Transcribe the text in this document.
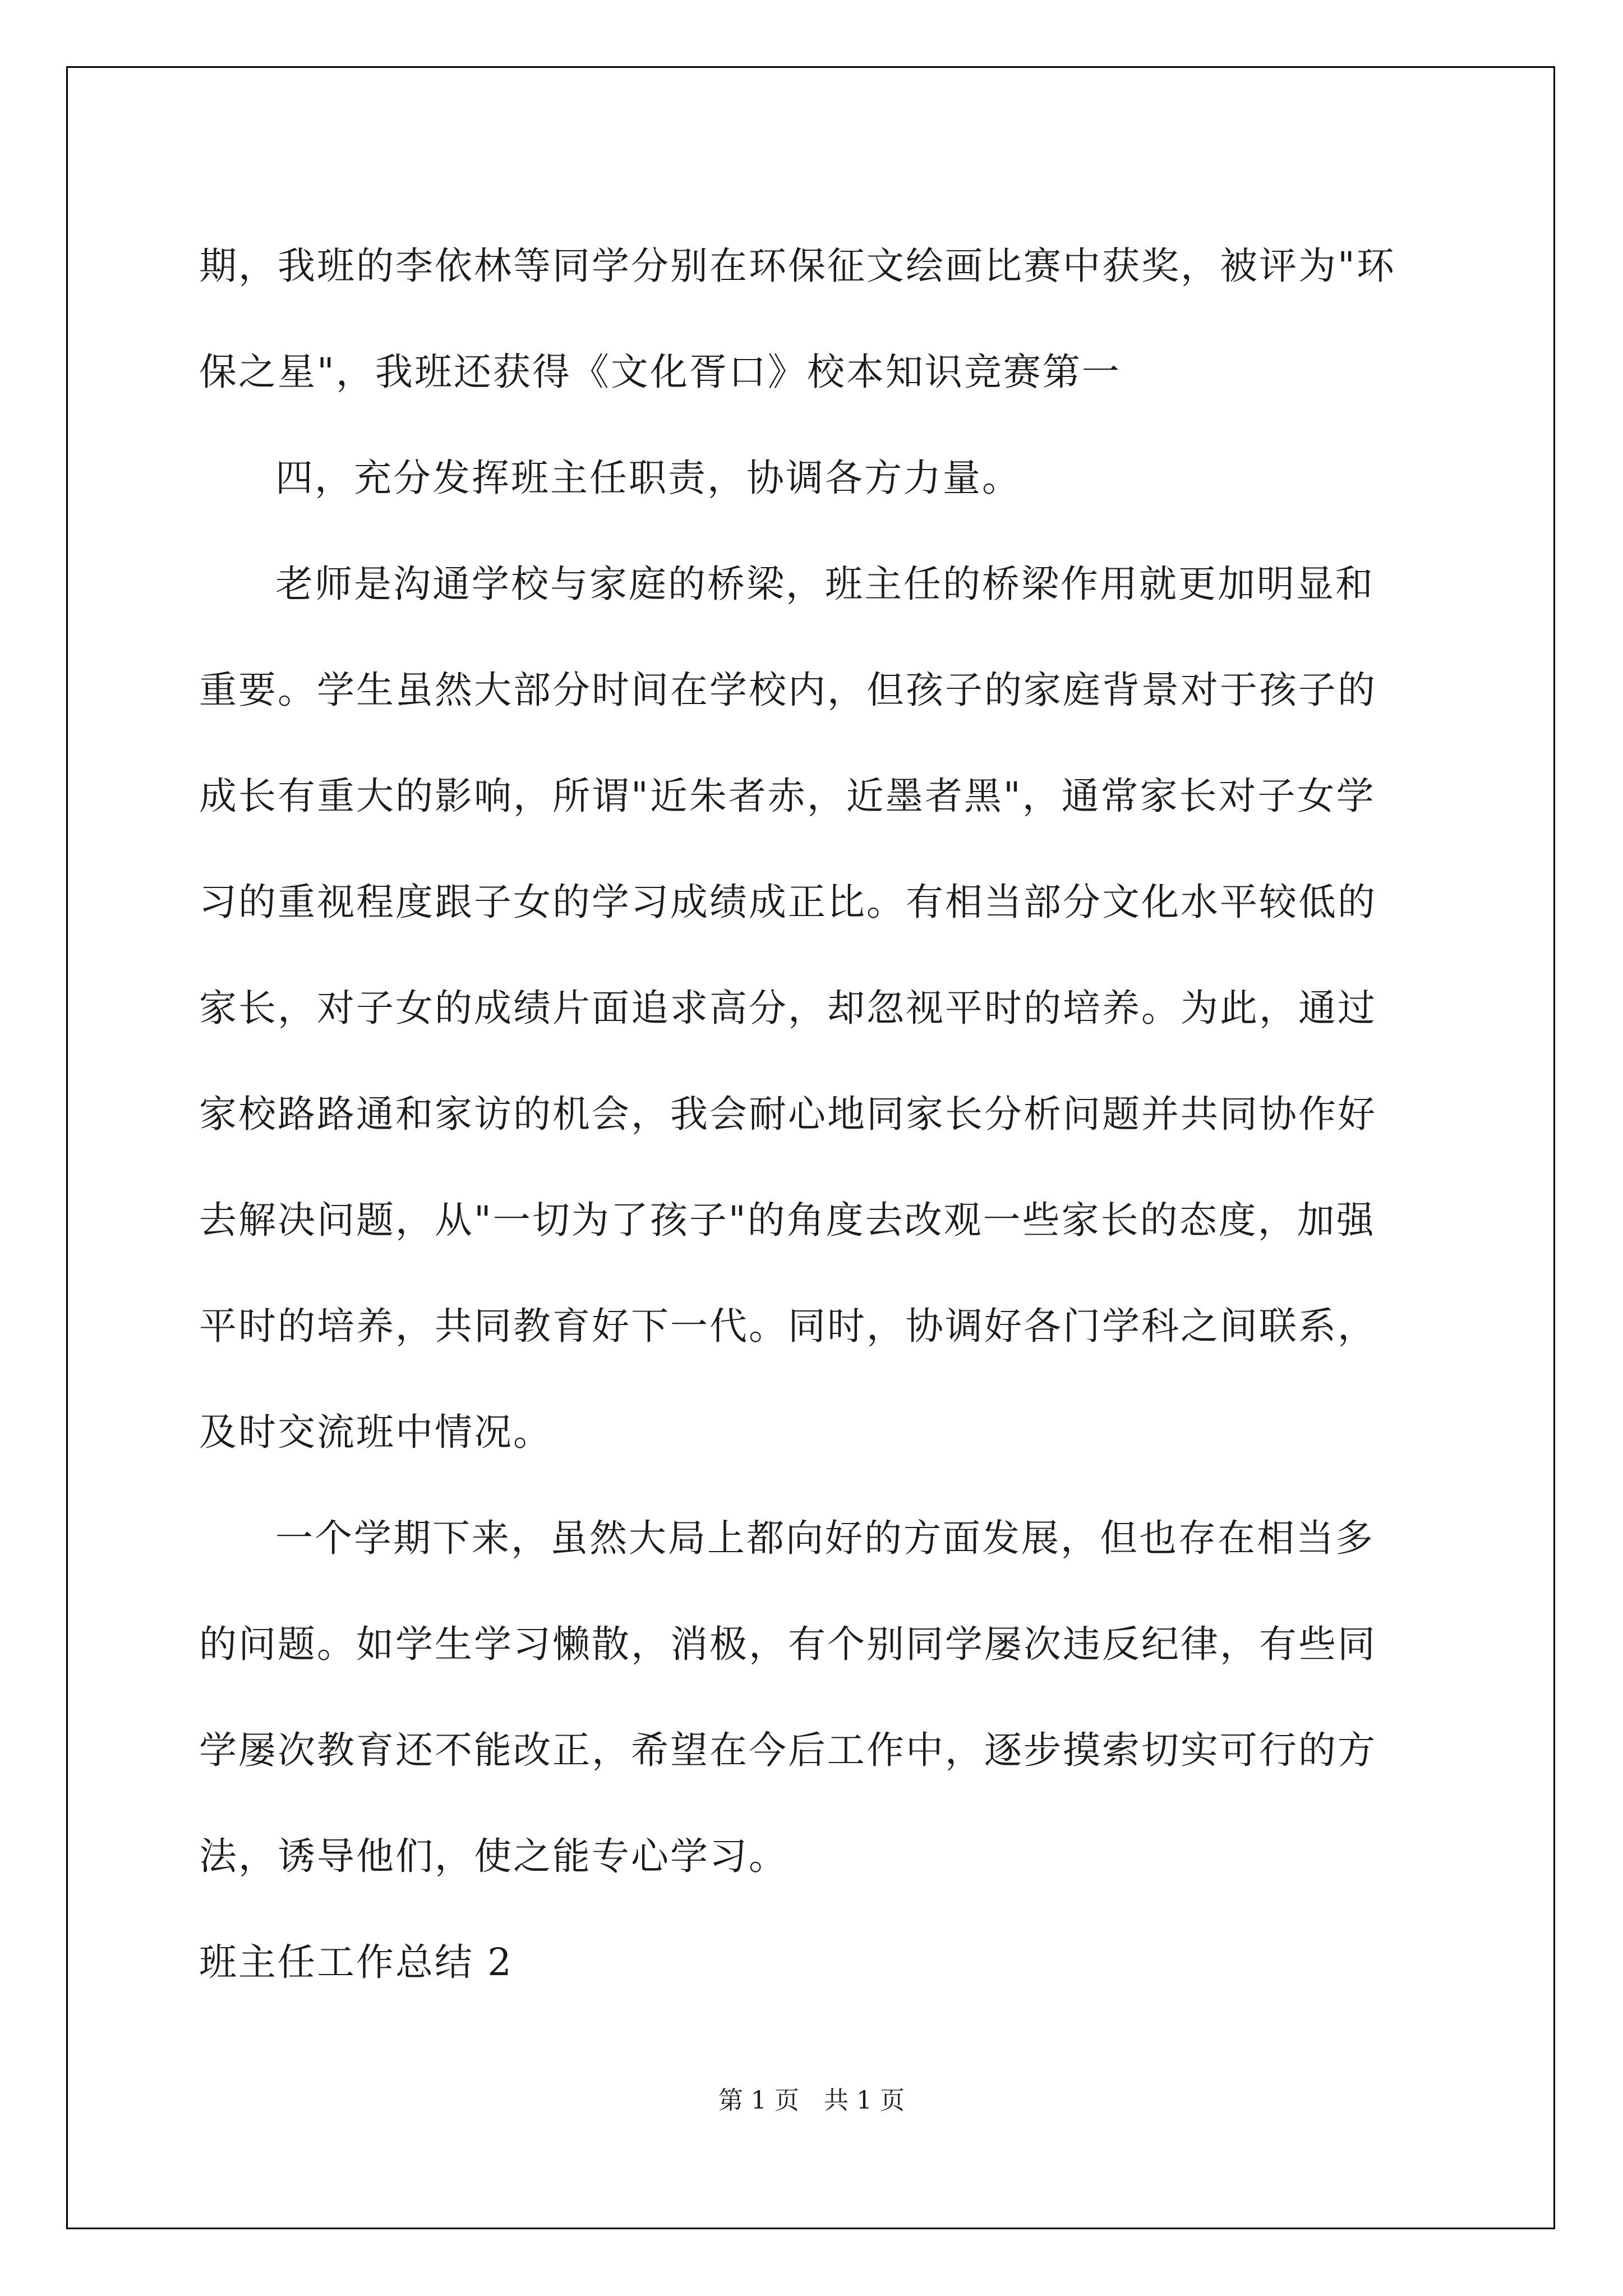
期，我班的李依林等同学分别在环保征文绘画比赛中获奖，被评为"环
保之星"，我班还获得《文化胥口》校本知识竞赛第一
四，充分发挥班主任职责，协调各方力量。
老师是沟通学校与家庭的桥梁，班主任的桥梁作用就更加明显和
重要。学生虽然大部分时间在学校内，但孩子的家庭背景对于孩子的
成长有重大的影响，所谓"近朱者赤，近墨者黑"，通常家长对子女学
习的重视程度跟子女的学习成绩成正比。有相当部分文化水平较低的
家长，对子女的成绩片面追求高分，却忽视平时的培养。为此，通过
家校路路通和家访的机会，我会耐心地同家长分析问题并共同协作好
去解决问题，从"一切为了孩子"的角度去改观一些家长的态度，加强
平时的培养，共同教育好下一代。同时，协调好各门学科之间联系，
及时交流班中情况。
一个学期下来，虽然大局上都向好的方面发展，但也存在相当多
的问题。如学生学习懒散，消极，有个别同学屡次违反纪律，有些同
学屡次教育还不能改正，希望在今后工作中，逐步摸索切实可行的方
法，诱导他们，使之能专心学习。
班主任工作总结 2
第 1 页　共 1 页
